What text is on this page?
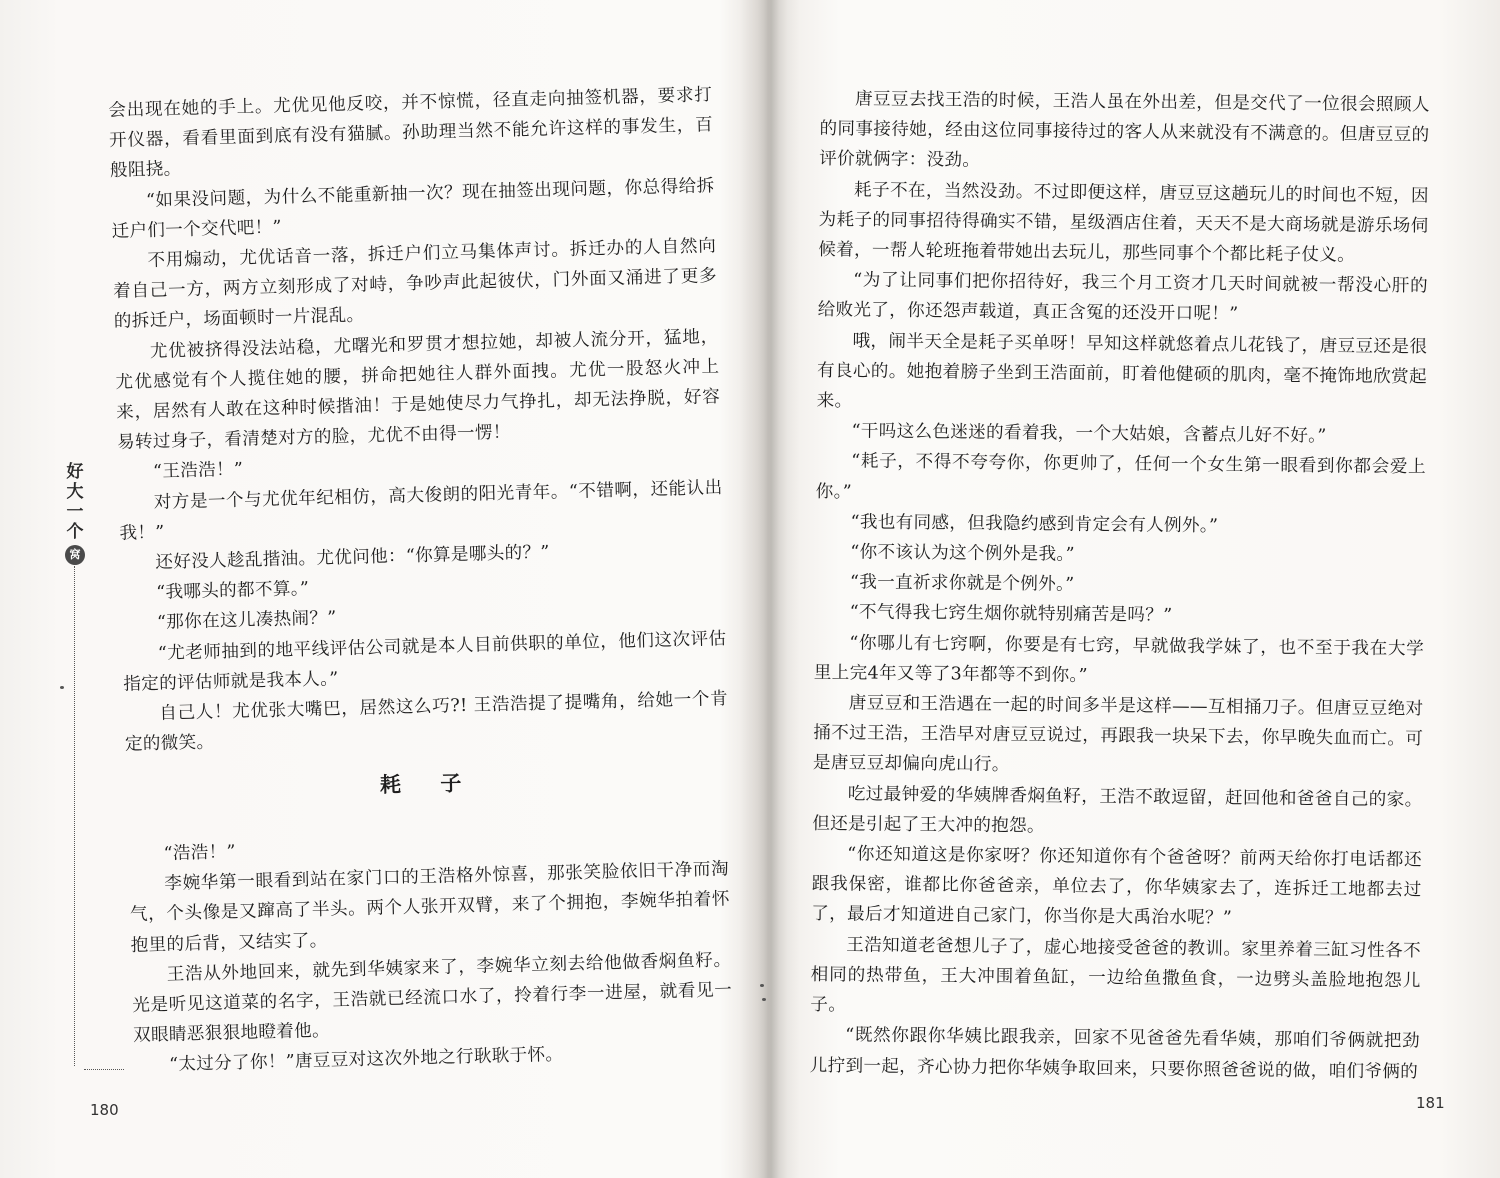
好
大
一
个
窝

会出现在她的手上。尤优见他反咬，并不惊慌，径直走向抽签机器，要求打开仪器，看看里面到底有没有猫腻。孙助理当然不能允许这样的事发生，百般阻挠。

“如果没问题，为什么不能重新抽一次？现在抽签出现问题，你总得给拆迁户们一个交代吧！”

不用煽动，尤优话音一落，拆迁户们立马集体声讨。拆迁办的人自然向着自己一方，两方立刻形成了对峙，争吵声此起彼伏，门外面又涌进了更多的拆迁户，场面顿时一片混乱。

尤优被挤得没法站稳，尤曙光和罗贯才想拉她，却被人流分开，猛地，尤优感觉有个人揽住她的腰，拼命把她往人群外面拽。尤优一股怒火冲上来，居然有人敢在这种时候揩油！于是她使尽力气挣扎，却无法挣脱，好容易转过身子，看清楚对方的脸，尤优不由得一愣！

“王浩浩！”

对方是一个与尤优年纪相仿，高大俊朗的阳光青年。“不错啊，还能认出我！”

还好没人趁乱揩油。尤优问他：“你算是哪头的？”

“我哪头的都不算。”

“那你在这儿凑热闹？”

“尤老师抽到的地平线评估公司就是本人目前供职的单位，他们这次评估指定的评估师就是我本人。”

自己人！尤优张大嘴巴，居然这么巧?! 王浩浩提了提嘴角，给她一个肯定的微笑。

耗 子

“浩浩！”

李婉华第一眼看到站在家门口的王浩格外惊喜，那张笑脸依旧干净而淘气，个头像是又蹿高了半头。两个人张开双臂，来了个拥抱，李婉华拍着怀抱里的后背，又结实了。

王浩从外地回来，就先到华姨家来了，李婉华立刻去给他做香焖鱼籽。光是听见这道菜的名字，王浩就已经流口水了，拎着行李一进屋，就看见一双眼睛恶狠狠地瞪着他。

“太过分了你！”唐豆豆对这次外地之行耿耿于怀。

180

唐豆豆去找王浩的时候，王浩人虽在外出差，但是交代了一位很会照顾人的同事接待她，经由这位同事接待过的客人从来就没有不满意的。但唐豆豆的评价就俩字：没劲。

耗子不在，当然没劲。不过即便这样，唐豆豆这趟玩儿的时间也不短，因为耗子的同事招待得确实不错，星级酒店住着，天天不是大商场就是游乐场伺候着，一帮人轮班拖着带她出去玩儿，那些同事个个都比耗子仗义。

“为了让同事们把你招待好，我三个月工资才几天时间就被一帮没心肝的给败光了，你还怨声载道，真正含冤的还没开口呢！”

哦，闹半天全是耗子买单呀！早知这样就悠着点儿花钱了，唐豆豆还是很有良心的。她抱着膀子坐到王浩面前，盯着他健硕的肌肉，毫不掩饰地欣赏起来。

“干吗这么色迷迷的看着我，一个大姑娘，含蓄点儿好不好。”

“耗子，不得不夸夸你，你更帅了，任何一个女生第一眼看到你都会爱上你。”

“我也有同感，但我隐约感到肯定会有人例外。”

“你不该认为这个例外是我。”

“我一直祈求你就是个例外。”

“不气得我七窍生烟你就特别痛苦是吗？”

“你哪儿有七窍啊，你要是有七窍，早就做我学妹了，也不至于我在大学里上完4年又等了3年都等不到你。”

唐豆豆和王浩遇在一起的时间多半是这样——互相捅刀子。但唐豆豆绝对捅不过王浩，王浩早对唐豆豆说过，再跟我一块呆下去，你早晚失血而亡。可是唐豆豆却偏向虎山行。

吃过最钟爱的华姨牌香焖鱼籽，王浩不敢逗留，赶回他和爸爸自己的家。但还是引起了王大冲的抱怨。

“你还知道这是你家呀？你还知道你有个爸爸呀？前两天给你打电话都还跟我保密，谁都比你爸爸亲，单位去了，你华姨家去了，连拆迁工地都去过了，最后才知道进自己家门，你当你是大禹治水呢？”

王浩知道老爸想儿子了，虚心地接受爸爸的教训。家里养着三缸习性各不相同的热带鱼，王大冲围着鱼缸，一边给鱼撒鱼食，一边劈头盖脸地抱怨儿子。

“既然你跟你华姨比跟我亲，回家不见爸爸先看华姨，那咱们爷俩就把劲儿拧到一起，齐心协力把你华姨争取回来，只要你照爸爸说的做，咱们爷俩的

181
